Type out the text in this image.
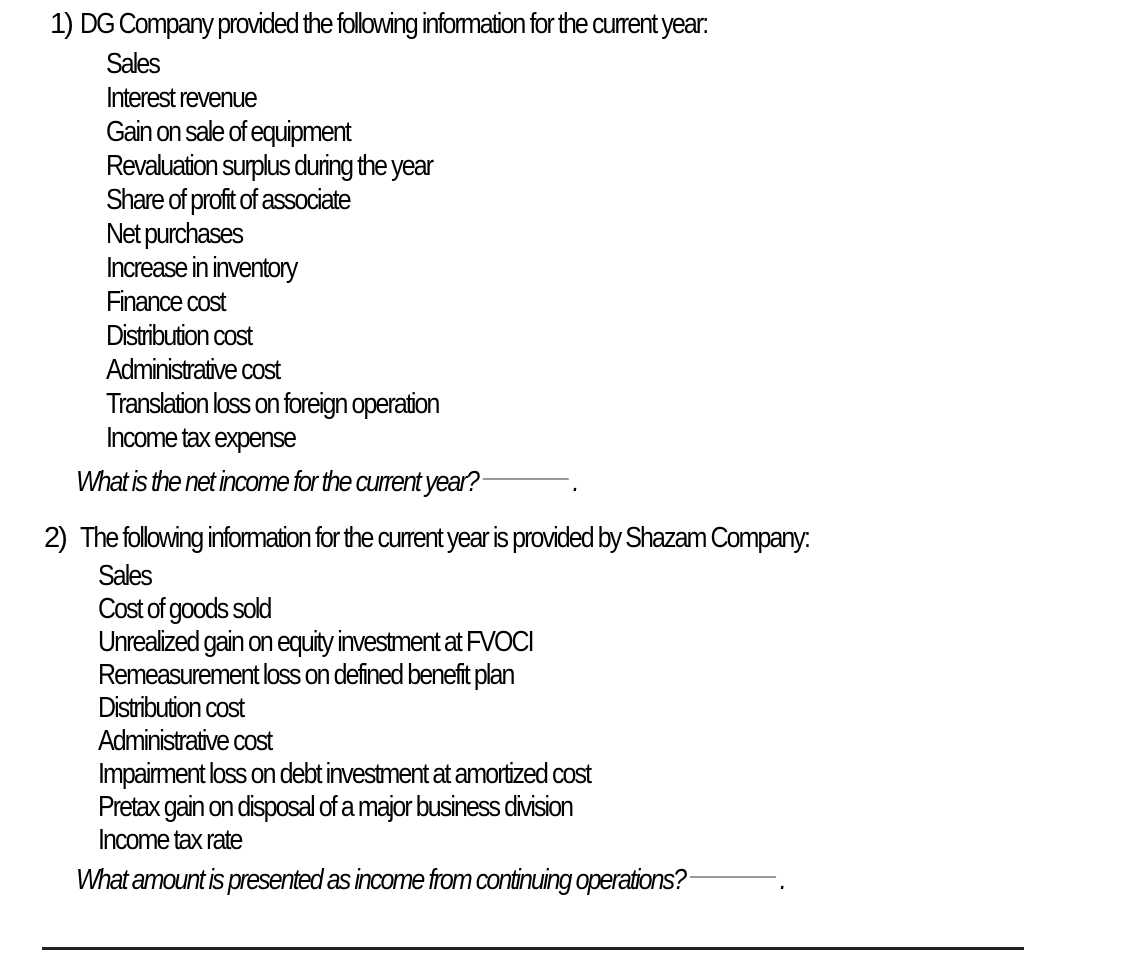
1) DG Company provided the following information for the current year:
Sales
Interest revenue
Gain on sale of equipment
Revaluation surplus during the year
Share of profit of associate
Net purchases
Increase in inventory
Finance cost
Distribution cost
Administrative cost
Translation loss on foreign operation
Income tax expense
What is the net income for the current year?	.
2) The following information for the current year is provided by Shazam Company:
Sales
Cost of goods sold
Unrealized gain on equity investment at FVOCI
Remeasurement loss on defined benefit plan
Distribution cost
Administrative cost
Impairment loss on debt investment at amortized cost
Pretax gain on disposal of a major business division
Income tax rate
What amount is presented as income from continuing operations?	.
